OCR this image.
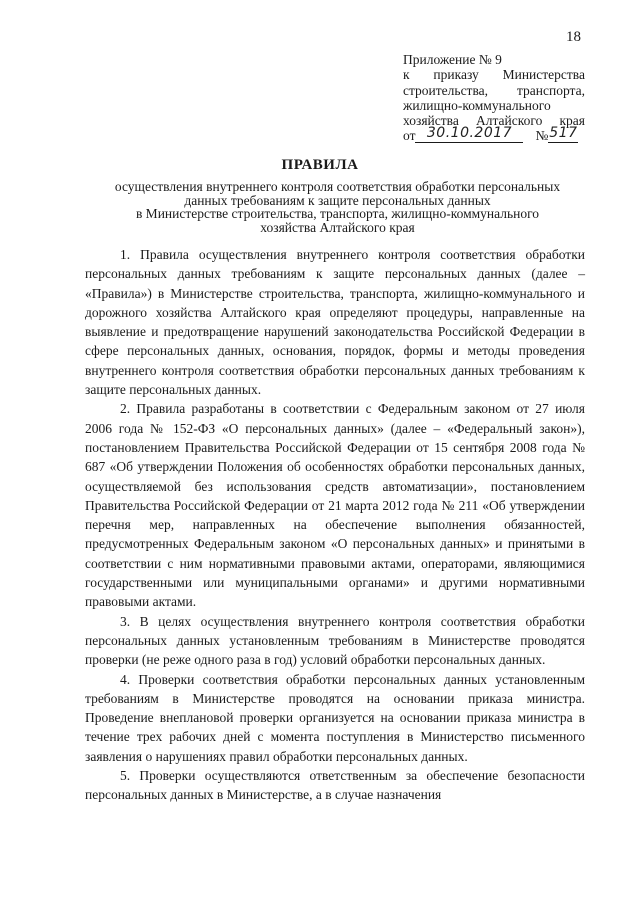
18
Приложение № 9
к приказу Министерства
строительства, транспорта,
жилищно-коммунального
хозяйства Алтайского края
от 30.10.2017	№ 517
ПРАВИЛА
осуществления внутреннего контроля соответствия обработки персональных
данных требованиям к защите персональных данных
в Министерстве строительства, транспорта, жилищно-коммунального
хозяйства Алтайского края

1. Правила осуществления внутреннего контроля соответствия обработки персональных данных требованиям к защите персональных данных (далее – «Правила») в Министерстве строительства, транспорта, жилищно-коммунального и дорожного хозяйства Алтайского края определяют процедуры, направленные на выявление и предотвращение нарушений законодательства Российской Федерации в сфере персональных данных, основания, порядок, формы и методы проведения внутреннего контроля соответствия обработки персональных данных требованиям к защите персональных данных.

2. Правила разработаны в соответствии с Федеральным законом от 27 июля 2006 года № 152-ФЗ «О персональных данных» (далее – «Федеральный закон»), постановлением Правительства Российской Федерации от 15 сентября 2008 года № 687 «Об утверждении Положения об особенностях обработки персональных данных, осуществляемой без использования средств автоматизации», постановлением Правительства Российской Федерации от 21 марта 2012 года № 211 «Об утверждении перечня мер, направленных на обеспечение выполнения обязанностей, предусмотренных Федеральным законом «О персональных данных» и принятыми в соответствии с ним нормативными правовыми актами, операторами, являющимися государственными или муниципальными органами» и другими нормативными правовыми актами.

3. В целях осуществления внутреннего контроля соответствия обработки персональных данных установленным требованиям в Министерстве проводятся проверки (не реже одного раза в год) условий обработки персональных данных.

4. Проверки соответствия обработки персональных данных установленным требованиям в Министерстве проводятся на основании приказа министра. Проведение внеплановой проверки организуется на основании приказа министра в течение трех рабочих дней с момента поступления в Министерство письменного заявления о нарушениях правил обработки персональных данных.

5. Проверки осуществляются ответственным за обеспечение безопасности персональных данных в Министерстве, а в случае назначения
